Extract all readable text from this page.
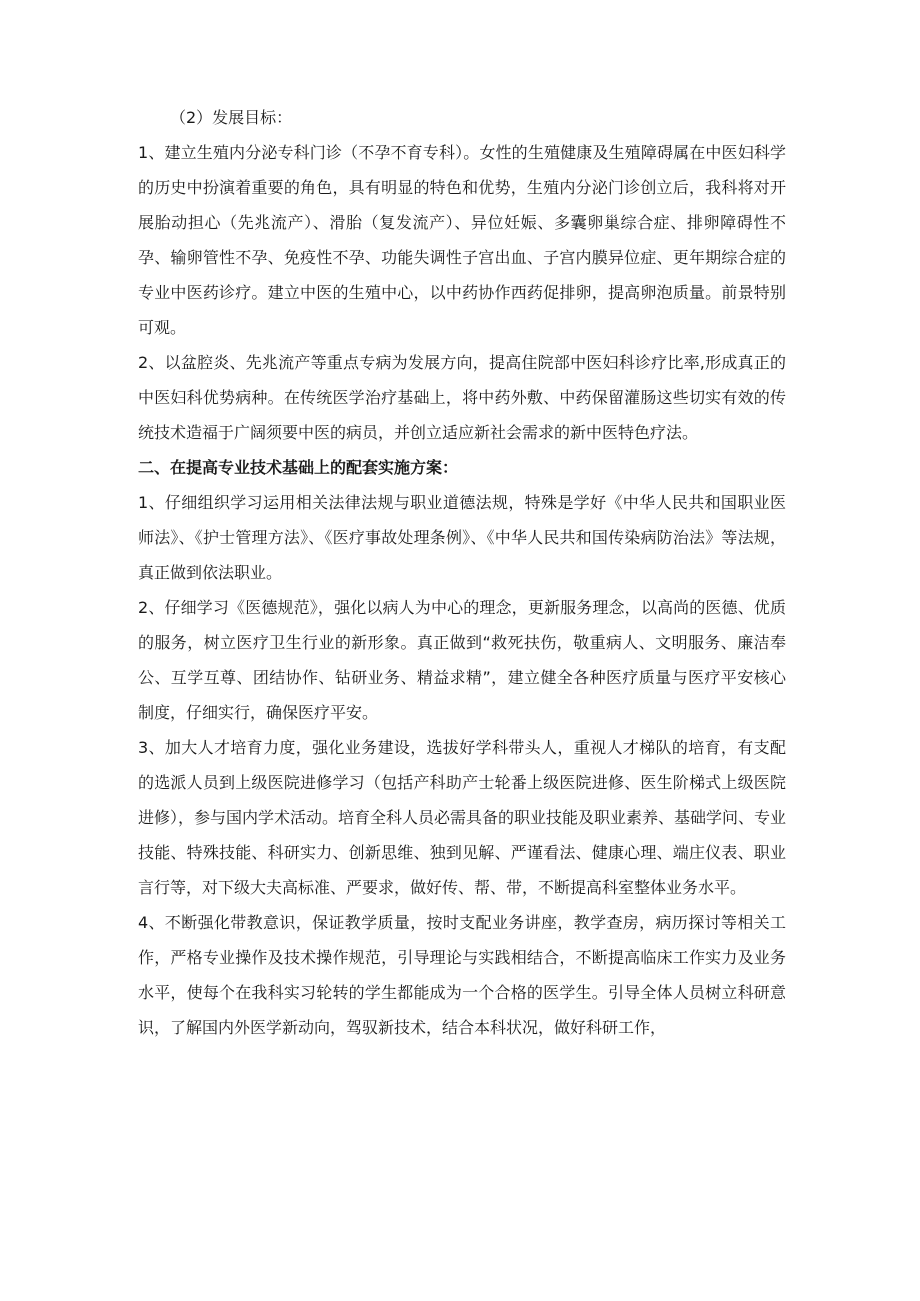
（2）发展目标：

1、建立生殖内分泌专科门诊（不孕不育专科）。女性的生殖健康及生殖障碍属在中医妇科学的历史中扮演着重要的角色，具有明显的特色和优势，生殖内分泌门诊创立后，我科将对开展胎动担心（先兆流产）、滑胎（复发流产）、异位妊娠、多囊卵巢综合症、排卵障碍性不孕、输卵管性不孕、免疫性不孕、功能失调性子宫出血、子宫内膜异位症、更年期综合症的专业中医药诊疗。建立中医的生殖中心，以中药协作西药促排卵，提高卵泡质量。前景特别可观。

2、以盆腔炎、先兆流产等重点专病为发展方向，提高住院部中医妇科诊疗比率,形成真正的中医妇科优势病种。在传统医学治疗基础上，将中药外敷、中药保留灌肠这些切实有效的传统技术造福于广阔须要中医的病员，并创立适应新社会需求的新中医特色疗法。

二、在提高专业技术基础上的配套实施方案：

1、仔细组织学习运用相关法律法规与职业道德法规，特殊是学好《中华人民共和国职业医师法》、《护士管理方法》、《医疗事故处理条例》、《中华人民共和国传染病防治法》等法规，真正做到依法职业。

2、仔细学习《医德规范》，强化以病人为中心的理念，更新服务理念，以高尚的医德、优质的服务，树立医疗卫生行业的新形象。真正做到“救死扶伤，敬重病人、文明服务、廉洁奉公、互学互尊、团结协作、钻研业务、精益求精”，建立健全各种医疗质量与医疗平安核心制度，仔细实行，确保医疗平安。

3、加大人才培育力度，强化业务建设，选拔好学科带头人，重视人才梯队的培育，有支配的选派人员到上级医院进修学习（包括产科助产士轮番上级医院进修、医生阶梯式上级医院进修），参与国内学术活动。培育全科人员必需具备的职业技能及职业素养、基础学问、专业技能、特殊技能、科研实力、创新思维、独到见解、严谨看法、健康心理、端庄仪表、职业言行等，对下级大夫高标准、严要求，做好传、帮、带，不断提高科室整体业务水平。

4、不断强化带教意识，保证教学质量，按时支配业务讲座，教学查房，病历探讨等相关工作，严格专业操作及技术操作规范，引导理论与实践相结合，不断提高临床工作实力及业务水平，使每个在我科实习轮转的学生都能成为一个合格的医学生。引导全体人员树立科研意识，了解国内外医学新动向，驾驭新技术，结合本科状况，做好科研工作，
